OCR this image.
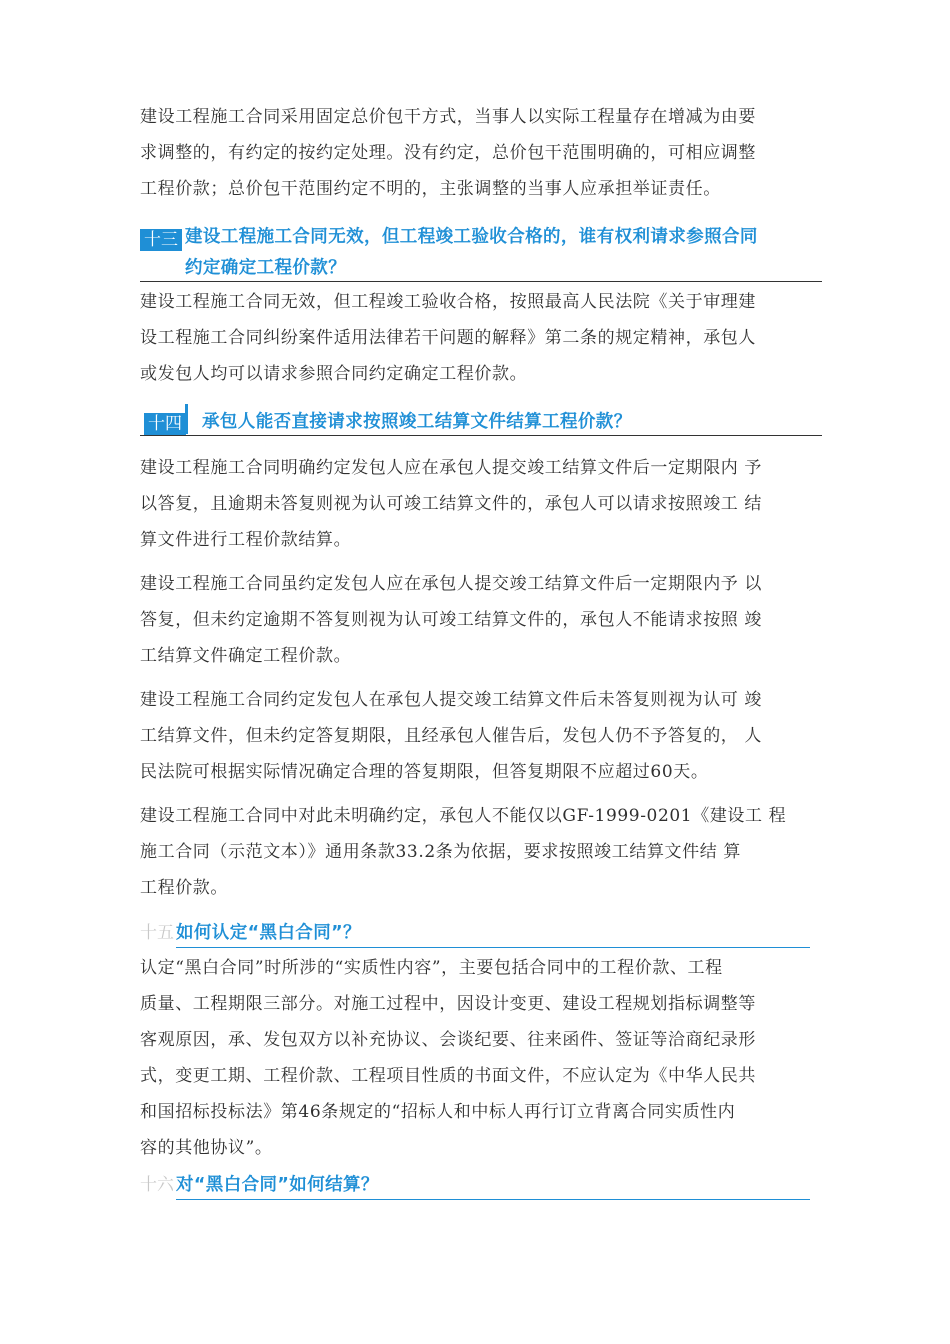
建设工程施工合同采用固定总价包干方式，当事人以实际工程量存在增减为由要
求调整的，有约定的按约定处理。没有约定，总价包干范围明确的，可相应调整
工程价款；总价包干范围约定不明的，主张调整的当事人应承担举证责任。
十三 建设工程施工合同无效，但工程竣工验收合格的，谁有权利请求参照合同
约定确定工程价款？
建设工程施工合同无效，但工程竣工验收合格，按照最高人民法院《关于审理建
设工程施工合同纠纷案件适用法律若干问题的解释》第二条的规定精神，承包人
或发包人均可以请求参照合同约定确定工程价款。
十四 承包人能否直接请求按照竣工结算文件结算工程价款？
建设工程施工合同明确约定发包人应在承包人提交竣工结算文件后一定期限内 予
以答复，且逾期未答复则视为认可竣工结算文件的，承包人可以请求按照竣工 结
算文件进行工程价款结算。
建设工程施工合同虽约定发包人应在承包人提交竣工结算文件后一定期限内予 以
答复，但未约定逾期不答复则视为认可竣工结算文件的，承包人不能请求按照 竣
工结算文件确定工程价款。
建设工程施工合同约定发包人在承包人提交竣工结算文件后未答复则视为认可 竣
工结算文件，但未约定答复期限，且经承包人催告后，发包人仍不予答复的， 人
民法院可根据实际情况确定合理的答复期限，但答复期限不应超过60天。
建设工程施工合同中对此未明确约定，承包人不能仅以GF-1999-0201《建设工 程
施工合同（示范文本）》通用条款33.2条为依据，要求按照竣工结算文件结 算
工程价款。
十五 如何认定“黑白合同”？
认定“黑白合同”时所涉的“实质性内容”，主要包括合同中的工程价款、工程
质量、工程期限三部分。对施工过程中，因设计变更、建设工程规划指标调整等
客观原因，承、发包双方以补充协议、会谈纪要、往来函件、签证等洽商纪录形
式，变更工期、工程价款、工程项目性质的书面文件，不应认定为《中华人民共
和国招标投标法》第46条规定的“招标人和中标人再行订立背离合同实质性内
容的其他协议”。
十六 对“黑白合同”如何结算？
